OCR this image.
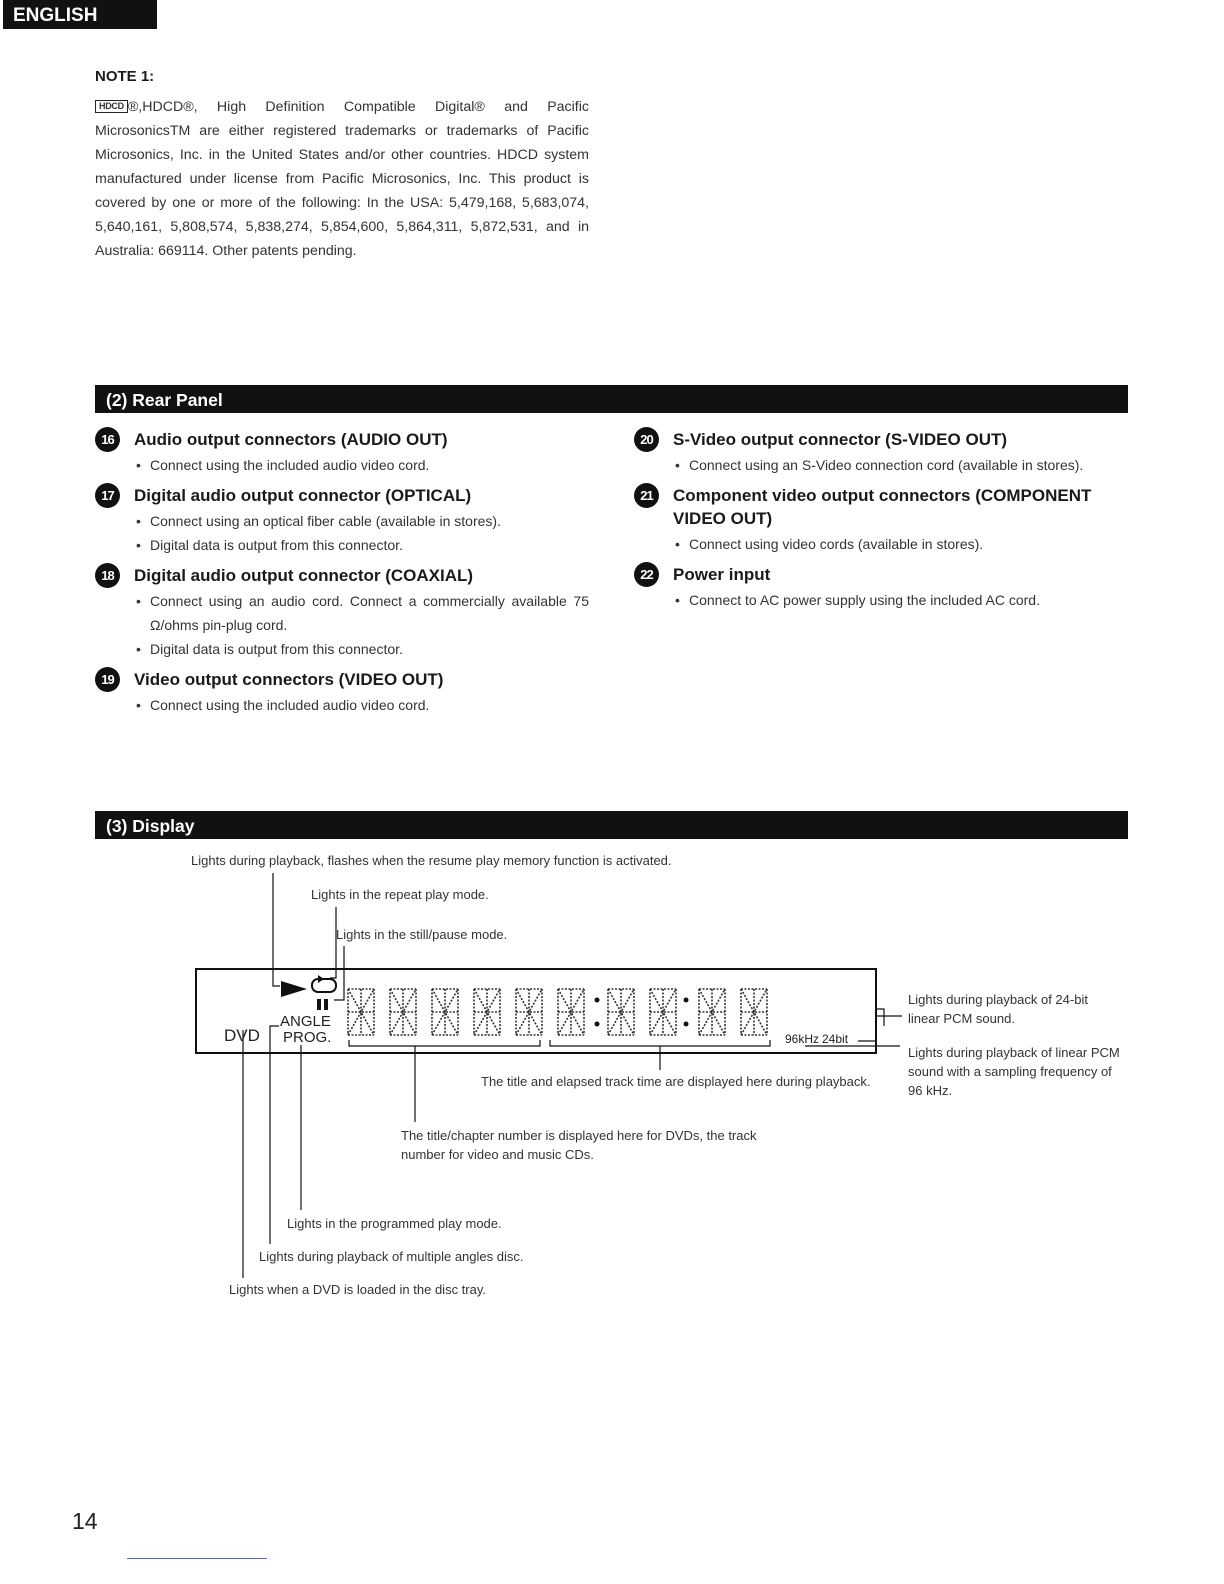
ENGLISH
NOTE 1:
HDCD ®,HDCD®, High Definition Compatible Digital® and Pacific MicrosonicsTM are either registered trademarks or trademarks of Pacific Microsonics, Inc. in the United States and/or other countries. HDCD system manufactured under license from Pacific Microsonics, Inc. This product is covered by one or more of the following: In the USA: 5,479,168, 5,683,074, 5,640,161, 5,808,574, 5,838,274, 5,854,600, 5,864,311, 5,872,531, and in Australia: 669114. Other patents pending.
(2) Rear Panel
16	Audio output connectors (AUDIO OUT)
• Connect using the included audio video cord.
17	Digital audio output connector (OPTICAL)
• Connect using an optical fiber cable (available in stores).
• Digital data is output from this connector.
18	Digital audio output connector (COAXIAL)
• Connect using an audio cord. Connect a commercially available 75 Ω/ohms pin-plug cord.
• Digital data is output from this connector.
19	Video output connectors (VIDEO OUT)
• Connect using the included audio video cord.
20	S-Video output connector (S-VIDEO OUT)
• Connect using an S-Video connection cord (available in stores).
21	Component video output connectors (COMPONENT VIDEO OUT)
• Connect using video cords (available in stores).
22	Power input
• Connect to AC power supply using the included AC cord.
(3) Display
DVD
ANGLE
PROG.	96kHz 24bit
Lights during playback, flashes when the resume play memory function is activated.
Lights in the repeat play mode.
Lights in the still/pause mode.
Lights during playback of 24-bit linear PCM sound.
Lights during playback of linear PCM sound with a sampling frequency of 96 kHz.
The title and elapsed track time are displayed here during playback.
The title/chapter number is displayed here for DVDs, the track number for video and music CDs.
Lights in the programmed play mode.
Lights during playback of multiple angles disc.
Lights when a DVD is loaded in the disc tray.
14
